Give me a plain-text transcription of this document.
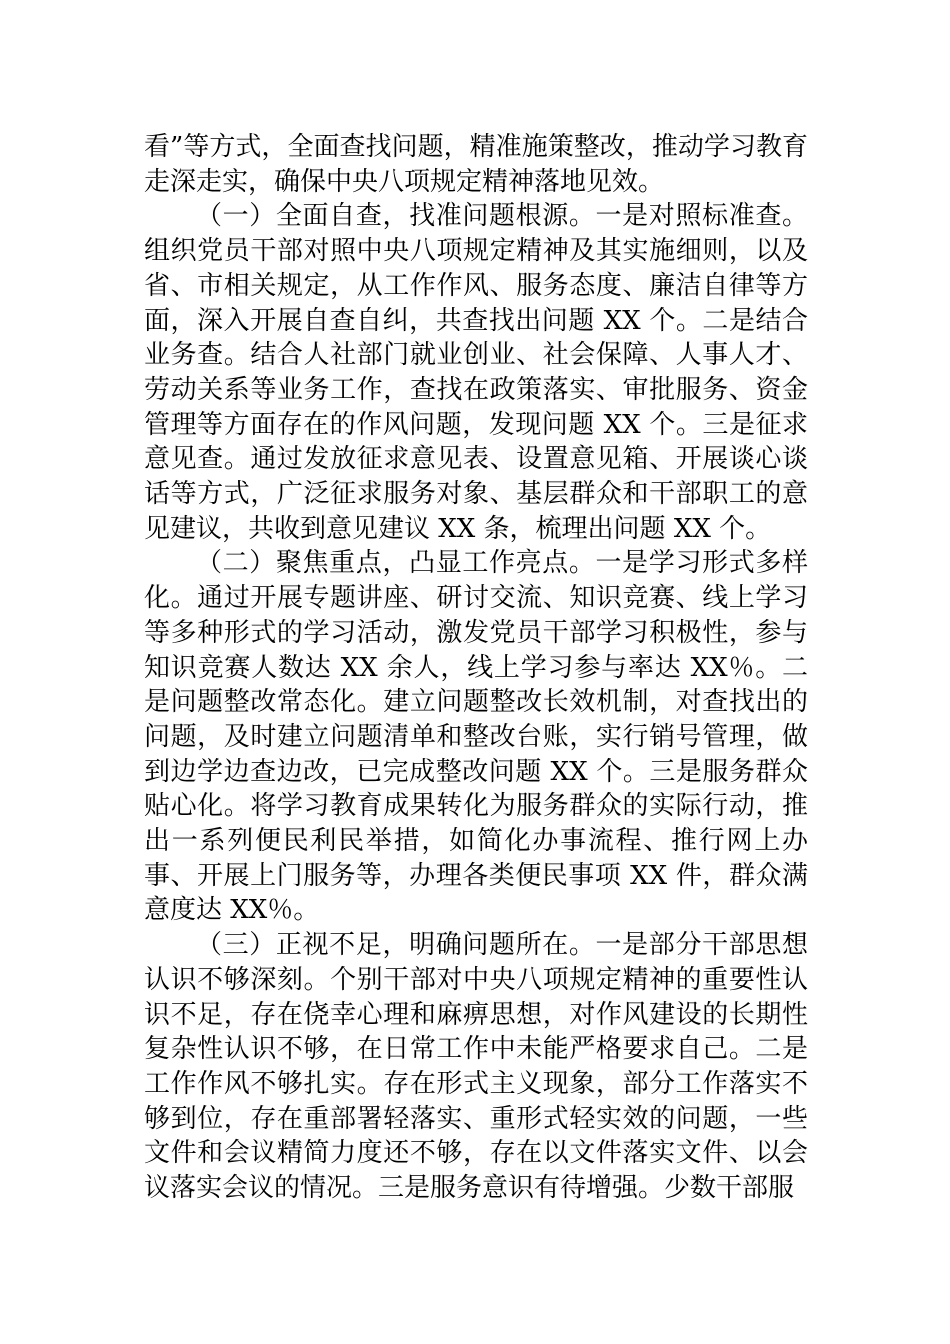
看”等方式，全面查找问题，精准施策整改，推动学习教育走深走实，确保中央八项规定精神落地见效。

（一）全面自查，找准问题根源。一是对照标准查。组织党员干部对照中央八项规定精神及其实施细则，以及省、市相关规定，从工作作风、服务态度、廉洁自律等方面，深入开展自查自纠，共查找出问题 XX 个。二是结合业务查。结合人社部门就业创业、社会保障、人事人才、劳动关系等业务工作，查找在政策落实、审批服务、资金管理等方面存在的作风问题，发现问题 XX 个。三是征求意见查。通过发放征求意见表、设置意见箱、开展谈心谈话等方式，广泛征求服务对象、基层群众和干部职工的意见建议，共收到意见建议 XX 条，梳理出问题 XX 个。

（二）聚焦重点，凸显工作亮点。一是学习形式多样化。通过开展专题讲座、研讨交流、知识竞赛、线上学习等多种形式的学习活动，激发党员干部学习积极性，参与知识竞赛人数达 XX 余人，线上学习参与率达 XX％。二是问题整改常态化。建立问题整改长效机制，对查找出的问题，及时建立问题清单和整改台账，实行销号管理，做到边学边查边改，已完成整改问题 XX 个。三是服务群众贴心化。将学习教育成果转化为服务群众的实际行动，推出一系列便民利民举措，如简化办事流程、推行网上办事、开展上门服务等，办理各类便民事项 XX 件，群众满意度达 XX％。

（三）正视不足，明确问题所在。一是部分干部思想认识不够深刻。个别干部对中央八项规定精神的重要性认识不足，存在侥幸心理和麻痹思想，对作风建设的长期性复杂性认识不够，在日常工作中未能严格要求自己。二是工作作风不够扎实。存在形式主义现象，部分工作落实不够到位，存在重部署轻落实、重形式轻实效的问题，一些文件和会议精简力度还不够，存在以文件落实文件、以会议落实会议的情况。三是服务意识有待增强。少数干部服
